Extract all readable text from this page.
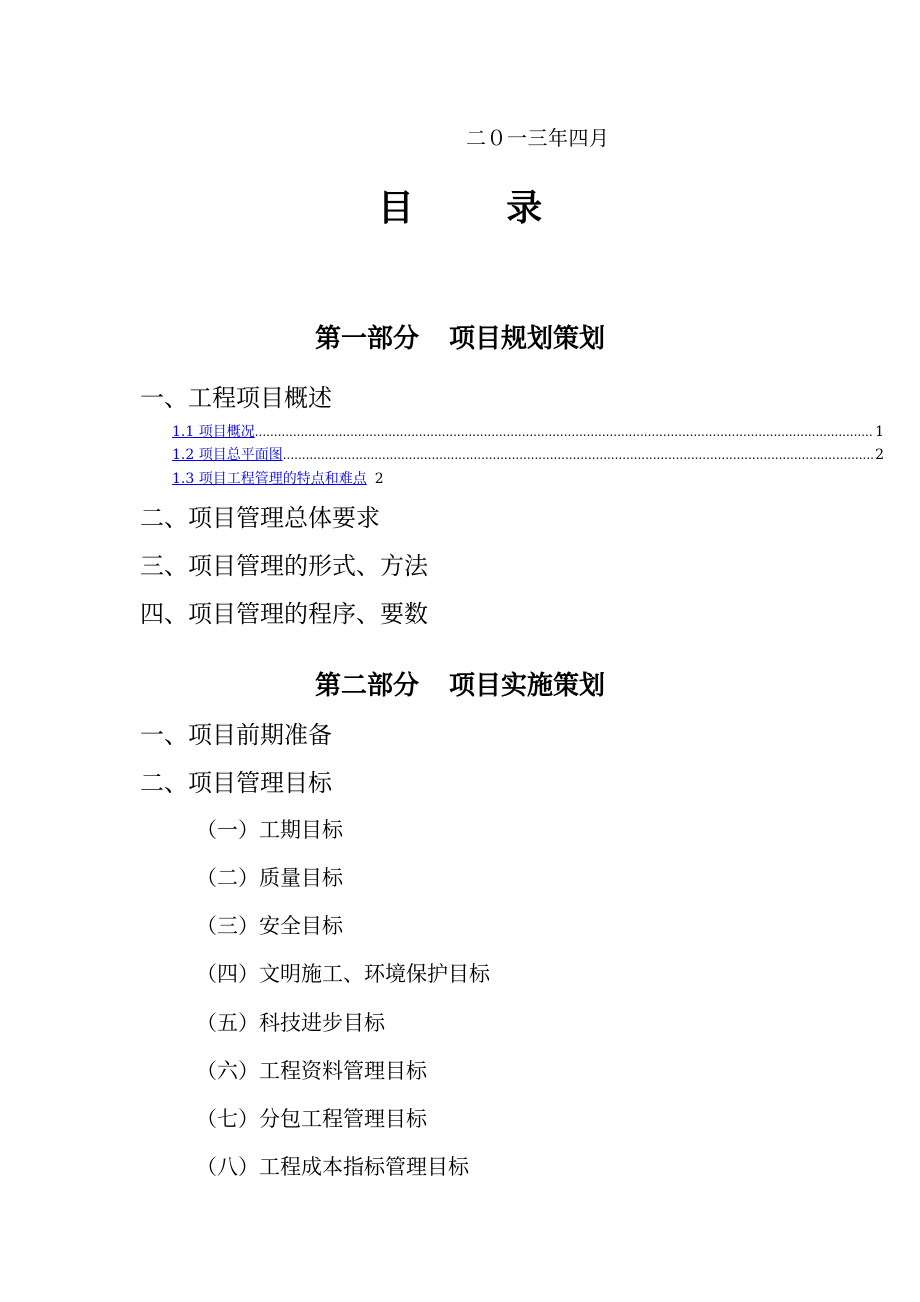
二０一三年四月
目 录
第一部分 项目规划策划
一、工程项目概述
1.1 项目概况 .....	1
1.2 项目总平面图 .....	2
1.3 项目工程管理的特点和难点 2
二、项目管理总体要求
三、项目管理的形式、方法
四、项目管理的程序、要数
第二部分 项目实施策划
一、项目前期准备
二、项目管理目标
（一）工期目标
（二）质量目标
（三）安全目标
（四）文明施工、环境保护目标
（五）科技进步目标
（六）工程资料管理目标
（七）分包工程管理目标
（八）工程成本指标管理目标
